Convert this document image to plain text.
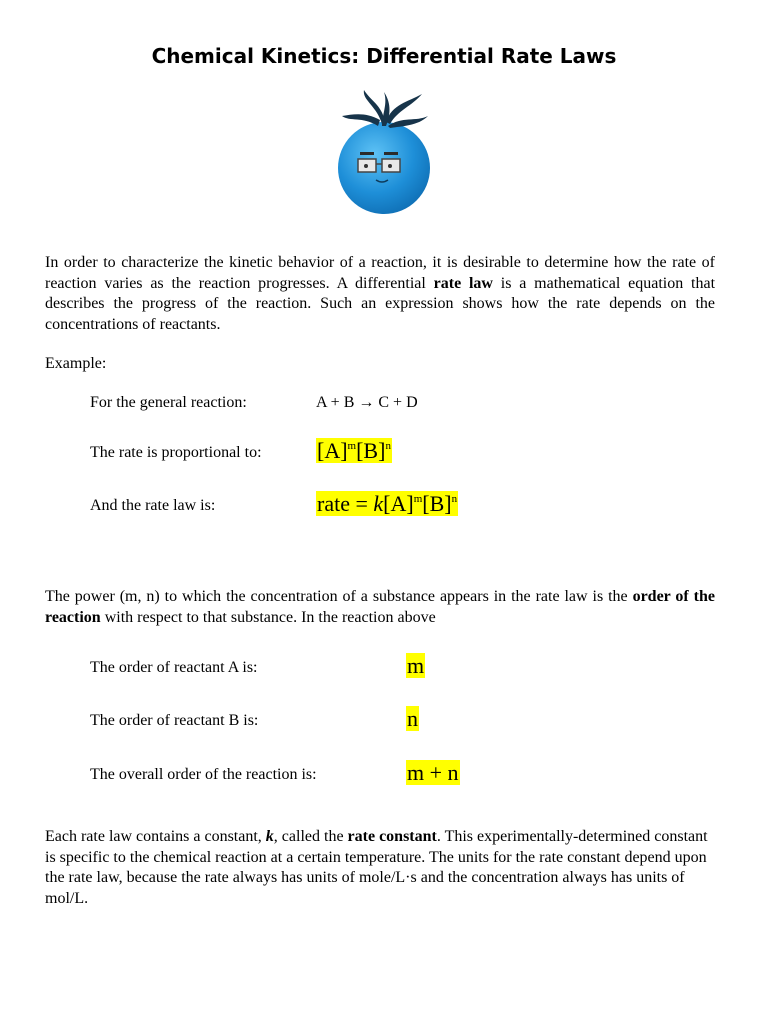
Chemical Kinetics: Differential Rate Laws
In order to characterize the kinetic behavior of a reaction, it is desirable to determine how the rate of reaction varies as the reaction progresses. A differential rate law is a mathematical equation that describes the progress of the reaction. Such an expression shows how the rate depends on the concentrations of reactants.
Example:
For the general reaction:	A + B → C + D
The rate is proportional to:	$[A]^m[B]^n$
And the rate law is:	rate = $k[A]^m[B]^n$
The power (m, n) to which the concentration of a substance appears in the rate law is the order of the reaction with respect to that substance. In the reaction above
The order of reactant A is:	m
The order of reactant B is:	n
The overall order of the reaction is:	m + n
Each rate law contains a constant, k, called the rate constant. This experimentally-determined constant is specific to the chemical reaction at a certain temperature. The units for the rate constant depend upon the rate law, because the rate always has units of mole/L·s and the concentration always has units of mol/L.
